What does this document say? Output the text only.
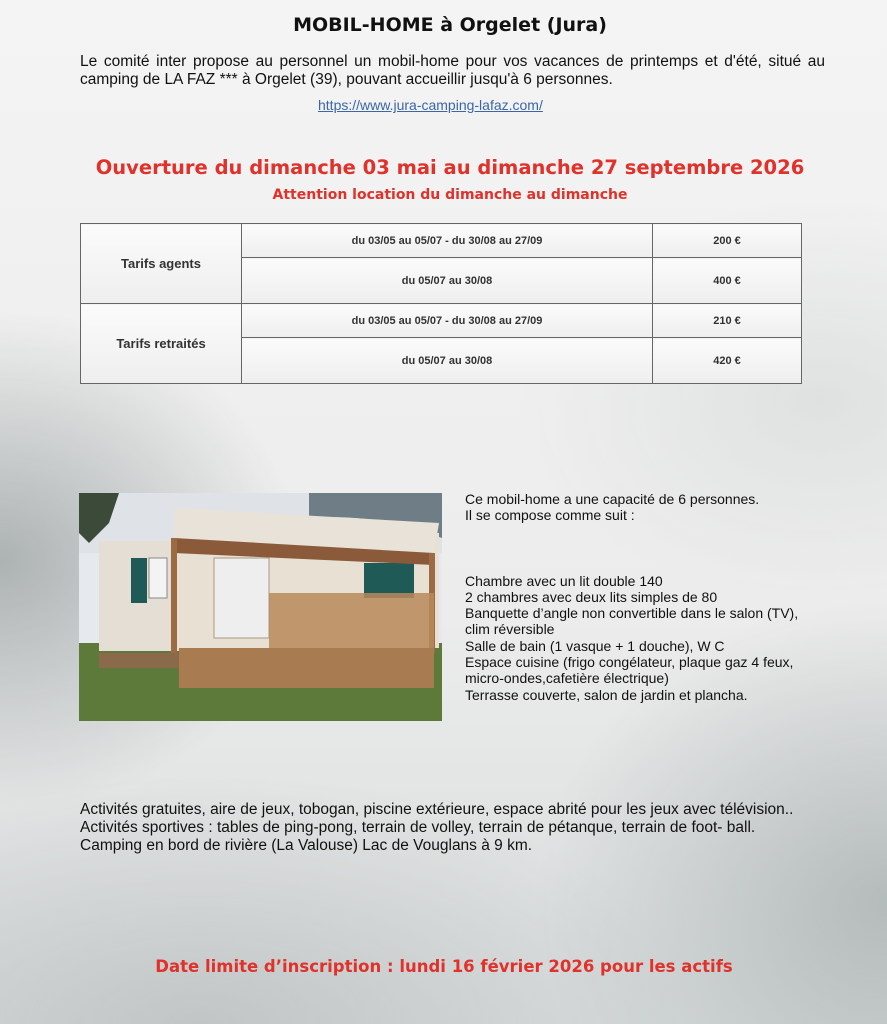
MOBIL-HOME à Orgelet (Jura)
Le comité inter propose au personnel un mobil-home pour vos vacances de printemps et d'été, situé au camping de LA FAZ *** à Orgelet (39), pouvant accueillir jusqu'à 6 personnes.
https://www.jura-camping-lafaz.com/
Ouverture du dimanche 03 mai au dimanche 27 septembre 2026
Attention location du dimanche au dimanche
Tarifs agents	du 03/05 au 05/07 - du 30/08 au 27/09	200 €
	du 05/07 au 30/08	400 €
Tarifs retraités	du 03/05 au 05/07 - du 30/08 au 27/09	210 €
	du 05/07 au 30/08	420 €
Ce mobil-home a une capacité de 6 personnes.
Il se compose comme suit :
Chambre avec un lit double 140
2 chambres avec deux lits simples de 80
Banquette d’angle non convertible dans le salon (TV), clim réversible
Salle de bain (1 vasque + 1 douche), W C
Espace cuisine (frigo congélateur, plaque gaz 4 feux, micro-ondes,cafetière électrique)
Terrasse couverte, salon de jardin et plancha.
Activités gratuites, aire de jeux, tobogan, piscine extérieure, espace abrité pour les jeux avec télévision..
Activités sportives : tables de ping-pong, terrain de volley, terrain de pétanque, terrain de foot- ball.
Camping en bord de rivière (La Valouse) Lac de Vouglans à 9 km.
Date limite d’inscription : lundi 16 février 2026 pour les actifs
